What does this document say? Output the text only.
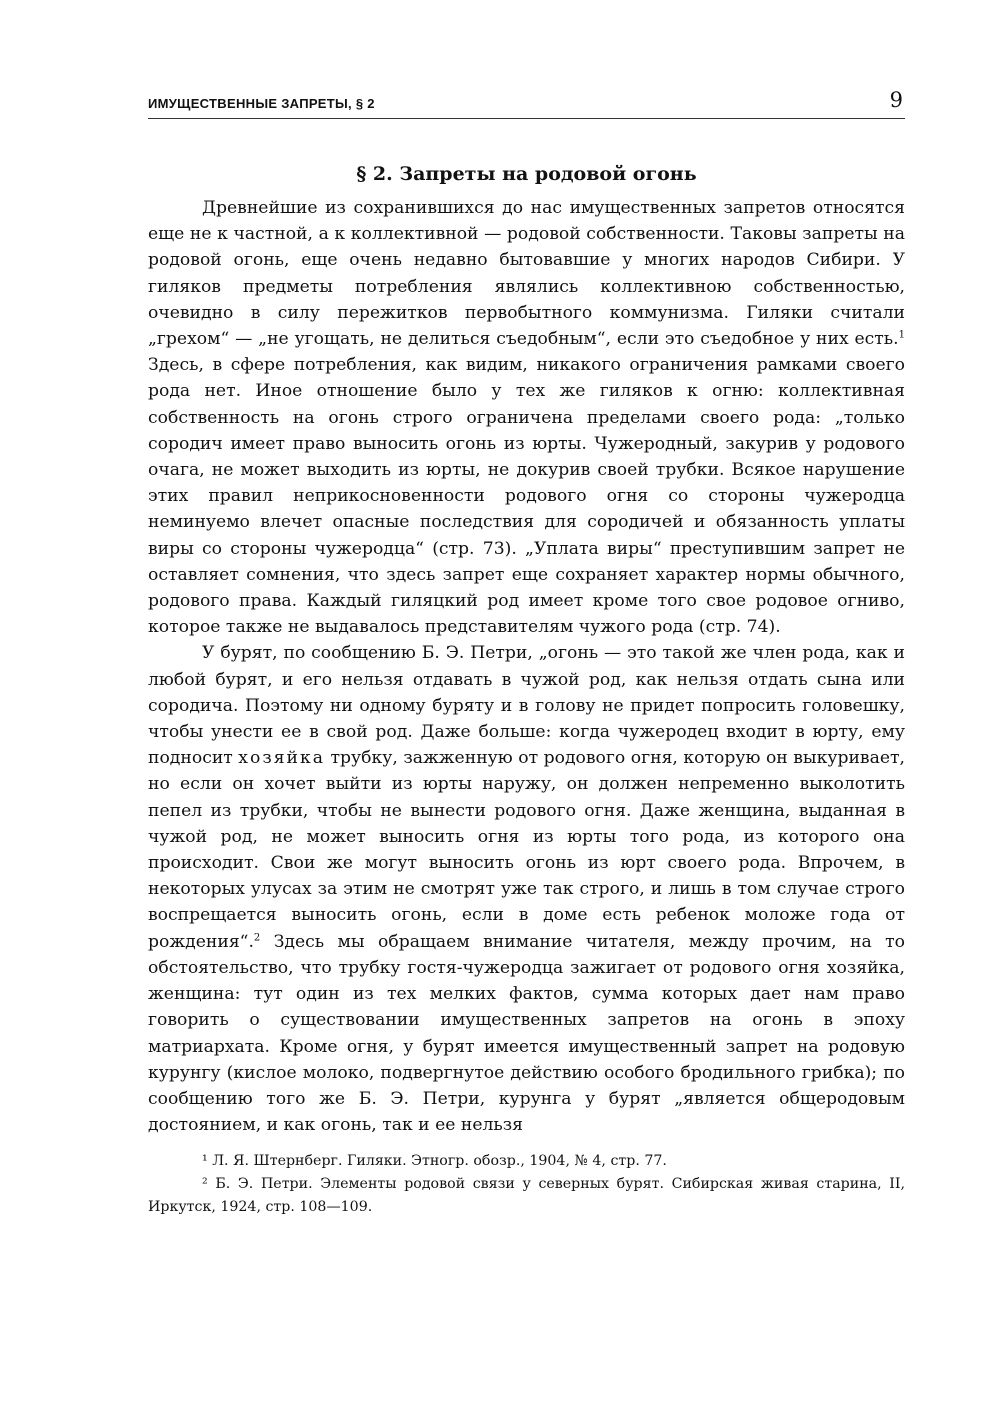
ИМУЩЕСТВЕННЫЕ ЗАПРЕТЫ, § 2	9
§ 2. Запреты на родовой огонь

Древнейшие из сохранившихся до нас имущественных запретов относятся еще не к частной, а к коллективной — родовой собственности. Таковы запреты на родовой огонь, еще очень недавно бытовавшие у многих народов Сибири. У гиляков предметы потребления являлись коллективною собственностью, очевидно в силу пережитков первобытного коммунизма. Гиляки считали „грехом“ — „не угощать, не делиться съедобным“, если это съедобное у них есть.$^1$ Здесь, в сфере потребления, как видим, никакого ограничения рамками своего рода нет. Иное отношение было у тех же гиляков к огню: коллективная собственность на огонь строго ограничена пределами своего рода: „только сородич имеет право выносить огонь из юрты. Чужеродный, закурив у родового очага, не может выходить из юрты, не докурив своей трубки. Всякое нарушение этих правил неприкосновенности родового огня со стороны чужеродца неминуемо влечет опасные последствия для сородичей и обязанность уплаты виры со стороны чужеродца“ (стр. 73). „Уплата виры“ преступившим запрет не оставляет сомнения, что здесь запрет еще сохраняет характер нормы обычного, родового права. Каждый гиляцкий род имеет кроме того свое родовое огниво, которое также не выдавалось представителям чужого рода (стр. 74).

У бурят, по сообщению Б. Э. Петри, „огонь — это такой же член рода, как и любой бурят, и его нельзя отдавать в чужой род, как нельзя отдать сына или сородича. Поэтому ни одному буряту и в голову не придет попросить головешку, чтобы унести ее в свой род. Даже больше: когда чужеродец входит в юрту, ему подносит хозяйка трубку, зажженную от родового огня, которую он выкуривает, но если он хочет выйти из юрты наружу, он должен непременно выколотить пепел из трубки, чтобы не вынести родового огня. Даже женщина, выданная в чужой род, не может выносить огня из юрты того рода, из которого она происходит. Свои же могут выносить огонь из юрт своего рода. Впрочем, в некоторых улусах за этим не смотрят уже так строго, и лишь в том случае строго воспрещается выносить огонь, если в доме есть ребенок моложе года от рождения“.$^2$ Здесь мы обращаем внимание читателя, между прочим, на то обстоятельство, что трубку гостя-чужеродца зажигает от родового огня хозяйка, женщина: тут один из тех мелких фактов, сумма которых дает нам право говорить о существовании имущественных запретов на огонь в эпоху матриархата. Кроме огня, у бурят имеется имущественный запрет на родовую курунгу (кислое молоко, подвергнутое действию особого бродильного грибка); по сообщению того же Б. Э. Петри, курунга у бурят „является общеродовым достоянием, и как огонь, так и ее нельзя

¹ Л. Я. Штернберг. Гиляки. Этногр. обозр., 1904, № 4, стр. 77.

² Б. Э. Петри. Элементы родовой связи у северных бурят. Сибирская живая старина, II, Иркутск, 1924, стр. 108—109.
